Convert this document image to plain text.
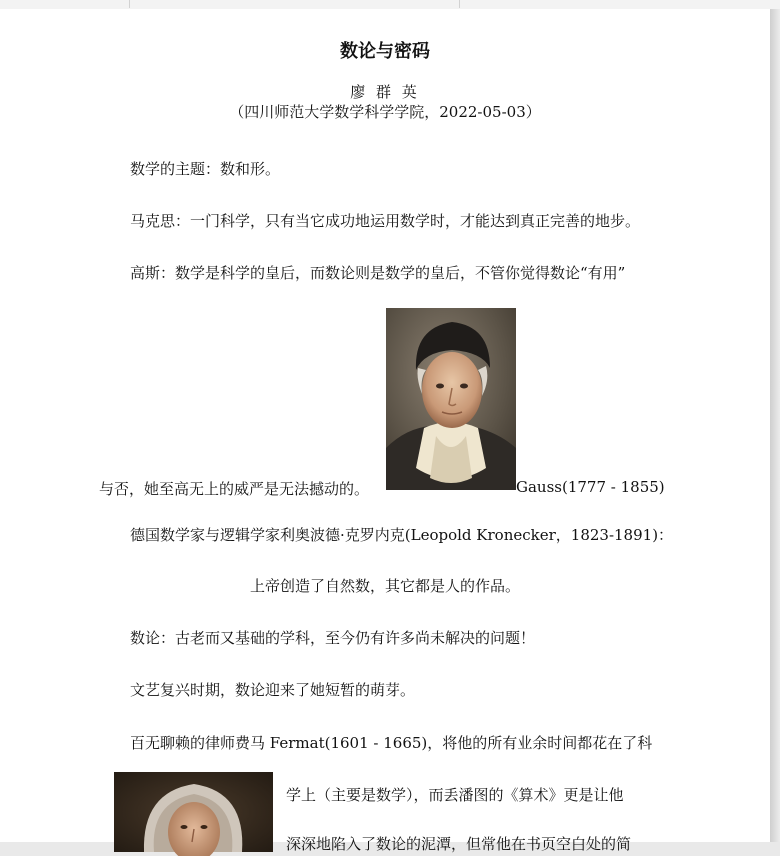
数论与密码
廖 群 英
（四川师范大学数学科学学院，2022-05-03）
数学的主题：数和形。
马克思：一门科学，只有当它成功地运用数学时，才能达到真正完善的地步。
高斯：数学是科学的皇后，而数论则是数学的皇后，不管你觉得数论“有用”
与否，她至高无上的威严是无法撼动的。	Gauss(1777 - 1855)
德国数学家与逻辑学家利奥波德·克罗内克(Leopold Kronecker，1823-1891)：
上帝创造了自然数，其它都是人的作品。
数论：古老而又基础的学科，至今仍有许多尚未解决的问题！
文艺复兴时期，数论迎来了她短暂的萌芽。
百无聊赖的律师费马 Fermat(1601 - 1665)，将他的所有业余时间都花在了科
学上（主要是数学），而丢潘图的《算术》更是让他
深深地陷入了数论的泥潭，但常他在书页空白处的简
